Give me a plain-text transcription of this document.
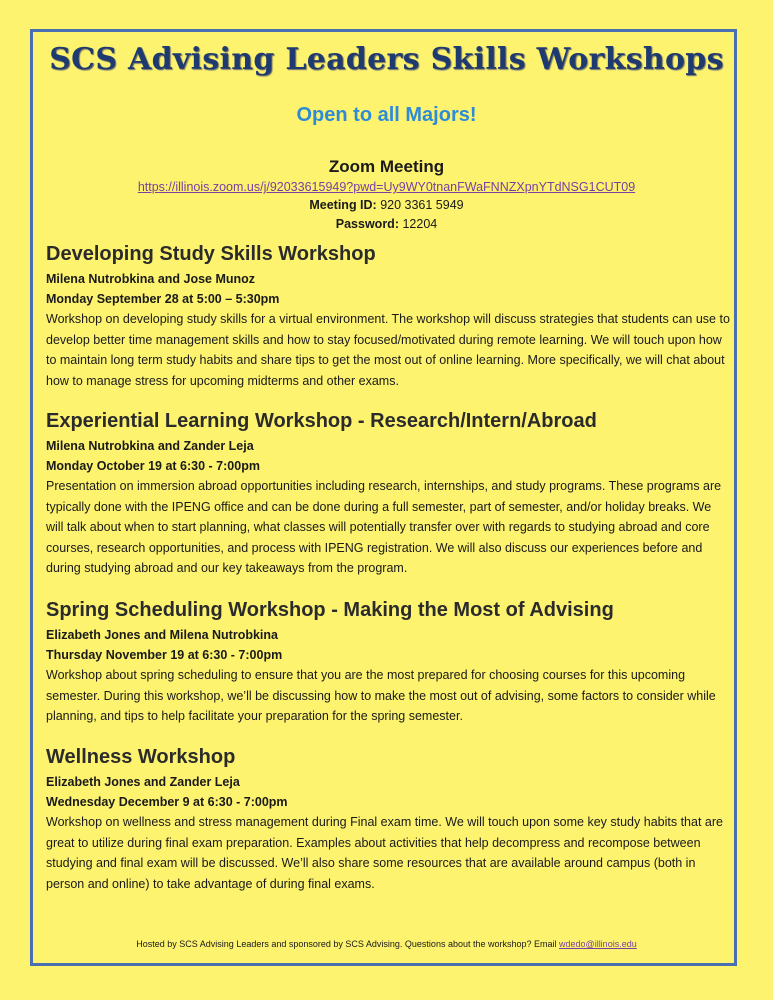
SCS Advising Leaders Skills Workshops
Open to all Majors!
Zoom Meeting
https://illinois.zoom.us/j/92033615949?pwd=Uy9WY0tnanFWaFNNZXpnYTdNSG1CUT09
Meeting ID: 920 3361 5949
Password: 12204
Developing Study Skills Workshop
Milena Nutrobkina and Jose Munoz
Monday September 28 at 5:00 – 5:30pm

Workshop on developing study skills for a virtual environment. The workshop will discuss strategies that students can use to develop better time management skills and how to stay focused/motivated during remote learning. We will touch upon how to maintain long term study habits and share tips to get the most out of online learning. More specifically, we will chat about how to manage stress for upcoming midterms and other exams.

Experiential Learning Workshop - Research/Intern/Abroad
Milena Nutrobkina and Zander Leja
Monday October 19 at 6:30 - 7:00pm

Presentation on immersion abroad opportunities including research, internships, and study programs. These programs are typically done with the IPENG office and can be done during a full semester, part of semester, and/or holiday breaks. We will talk about when to start planning, what classes will potentially transfer over with regards to studying abroad and core courses, research opportunities, and process with IPENG registration. We will also discuss our experiences before and during studying abroad and our key takeaways from the program.

Spring Scheduling Workshop - Making the Most of Advising
Elizabeth Jones and Milena Nutrobkina
Thursday November 19 at 6:30 - 7:00pm

Workshop about spring scheduling to ensure that you are the most prepared for choosing courses for this upcoming semester. During this workshop, we’ll be discussing how to make the most out of advising, some factors to consider while planning, and tips to help facilitate your preparation for the spring semester.

Wellness Workshop
Elizabeth Jones and Zander Leja
Wednesday December 9 at 6:30 - 7:00pm

Workshop on wellness and stress management during Final exam time. We will touch upon some key study habits that are great to utilize during final exam preparation. Examples about activities that help decompress and recompose between studying and final exam will be discussed. We’ll also share some resources that are available around campus (both in person and online) to take advantage of during final exams.

Hosted by SCS Advising Leaders and sponsored by SCS Advising. Questions about the workshop? Email wdedo@illinois.edu
